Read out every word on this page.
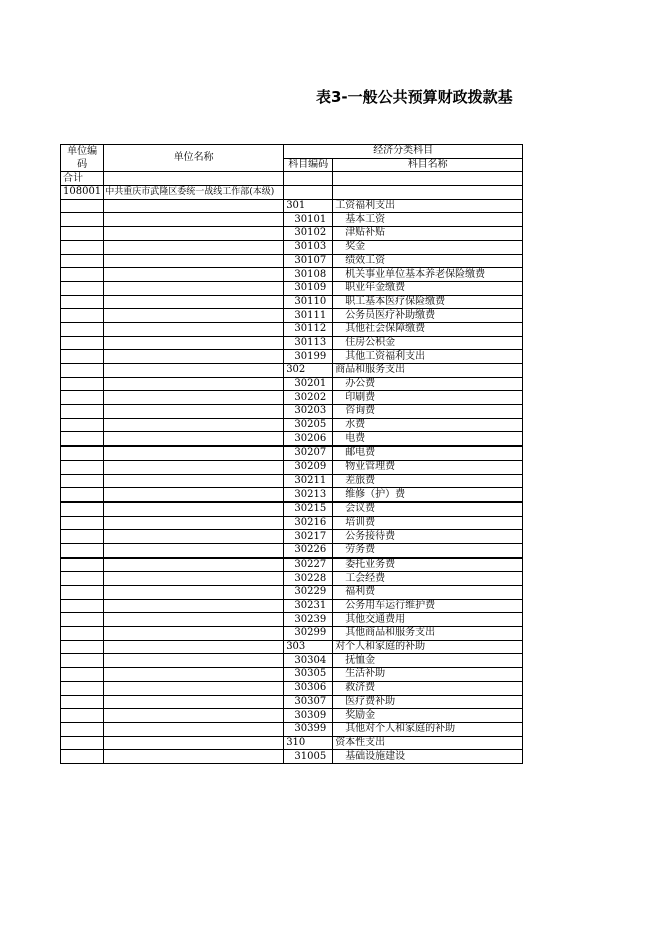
表3-一般公共预算财政拨款基
单位编码	单位名称	经济分类科目	
		科目编码	科目名称
合计			
108001	中共重庆市武隆区委统一战线工作部(本级)		
		301	工资福利支出
		30101	基本工资
		30102	津贴补贴
		30103	奖金
		30107	绩效工资
		30108	机关事业单位基本养老保险缴费
		30109	职业年金缴费
		30110	职工基本医疗保险缴费
		30111	公务员医疗补助缴费
		30112	其他社会保障缴费
		30113	住房公积金
		30199	其他工资福利支出
		302	商品和服务支出
		30201	办公费
		30202	印刷费
		30203	咨询费
		30205	水费
		30206	电费
		30207	邮电费
		30209	物业管理费
		30211	差旅费
		30213	维修（护）费
		30215	会议费
		30216	培训费
		30217	公务接待费
		30226	劳务费
		30227	委托业务费
		30228	工会经费
		30229	福利费
		30231	公务用车运行维护费
		30239	其他交通费用
		30299	其他商品和服务支出
		303	对个人和家庭的补助
		30304	抚恤金
		30305	生活补助
		30306	救济费
		30307	医疗费补助
		30309	奖励金
		30399	其他对个人和家庭的补助
		310	资本性支出
		31005	基础设施建设
